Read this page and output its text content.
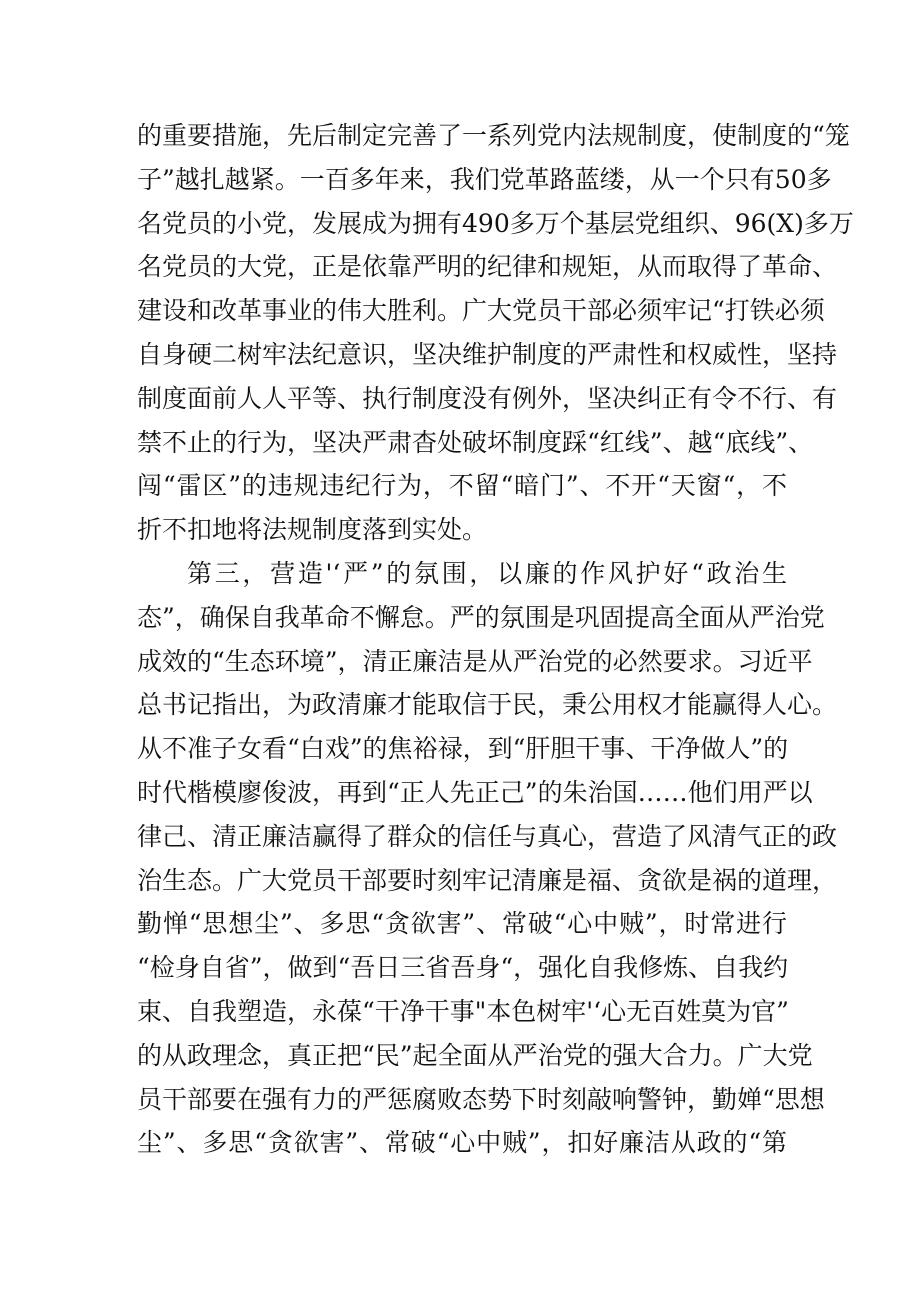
的重要措施，先后制定完善了一系列党内法规制度，使制度的“笼
子”越扎越紧。一百多年来，我们党革路蓝缕，从一个只有50多
名党员的小党，发展成为拥有490多万个基层党组织、96(X)多万
名党员的大党，正是依靠严明的纪律和规矩，从而取得了革命、
建设和改革事业的伟大胜利。广大党员干部必须牢记“打铁必须
自身硬二树牢法纪意识，坚决维护制度的严肃性和权威性，坚持
制度面前人人平等、执行制度没有例外，坚决纠正有令不行、有
禁不止的行为，坚决严肃杳处破坏制度踩“红线”、越“底线”、
闯“雷区”的违规违纪行为，不留“暗门”、不开“天窗“，不
折不扣地将法规制度落到实处。
第三，营造'‘严”的氛围，以廉的作风护好“政治生
态”，确保自我革命不懈怠。严的氛围是巩固提高全面从严治党
成效的“生态环境”，清正廉洁是从严治党的必然要求。习近平
总书记指出，为政清廉才能取信于民，秉公用权才能赢得人心。
从不准子女看“白戏”的焦裕禄，到“肝胆干事、干净做人”的
时代楷模廖俊波，再到“正人先正己”的朱治国……他们用严以
律己、清正廉洁赢得了群众的信任与真心，营造了风清气正的政
治生态。广大党员干部要时刻牢记清廉是福、贪欲是祸的道理，
勤惮“思想尘”、多思“贪欲害”、常破“心中贼”，时常进行
“检身自省”，做到“吾日三省吾身“，强化自我修炼、自我约
束、自我塑造，永葆“干净干事"本色树牢'‘心无百姓莫为官”
的从政理念，真正把“民”起全面从严治党的强大合力。广大党
员干部要在强有力的严惩腐败态势下时刻敲响警钟，勤婵“思想
尘”、多思“贪欲害”、常破“心中贼”，扣好廉洁从政的“第
